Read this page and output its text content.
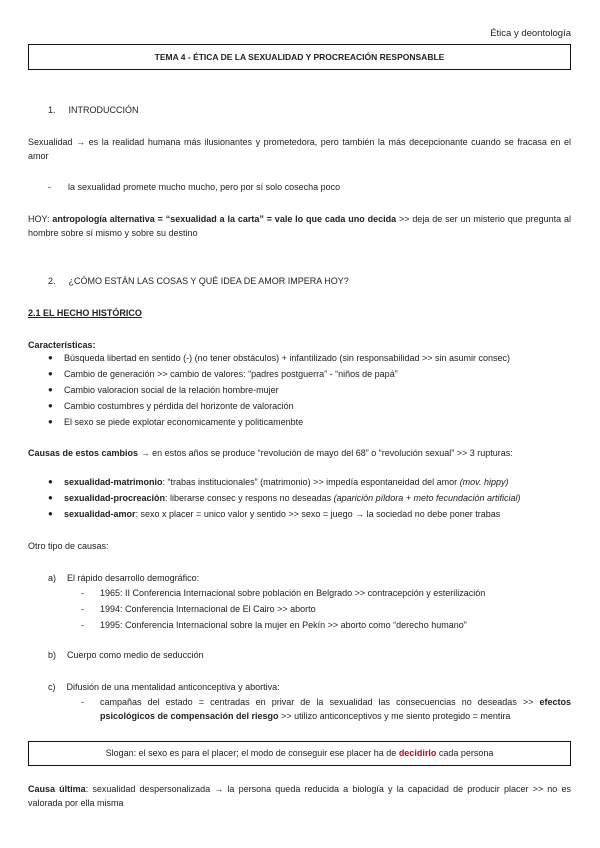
Ética y deontología
TEMA 4 - ÉTICA DE LA SEXUALIDAD Y PROCREACIÓN RESPONSABLE
1. INTRODUCCIÓN
Sexualidad → es la realidad humana más ilusionantes y prometedora, pero también la más decepcionante cuando se fracasa en el amor
- la sexualidad promete mucho mucho, pero por sí solo cosecha poco
HOY: antropología alternativa = “sexualidad a la carta” = vale lo que cada uno decida >> deja de ser un misterio que pregunta al hombre sobre sí mismo y sobre su destino
2. ¿CÓMO ESTÁN LAS COSAS Y QUÉ IDEA DE AMOR IMPERA HOY?
2.1 EL HECHO HISTÓRICO
Características:
● Búsqueda libertad en sentido (-) (no tener obstáculos) + infantilizado (sin responsabilidad >> sin asumir consec)
● Cambio de generación >> cambio de valores: “padres postguerra” - “niños de papá”
● Cambio valoracion social de la relación hombre-mujer
● Cambio costumbres y pérdida del horizonte de valoración
● El sexo se piede explotar economicamente y politicamenbte
Causas de estos cambios → en estos años se produce “revolución de mayo del 68” o “revolución sexual” >> 3 rupturas:
● sexualidad-matrimonio: “trabas institucionales” (matrimonio) >> impedía espontaneidad del amor (mov. hippy)
● sexualidad-procreación: liberarse consec y respons no deseadas (aparición píldora + meto fecundación artificial)
● sexualidad-amor: sexo x placer = unico valor y sentido >> sexo = juego → la sociedad no debe poner trabas
Otro tipo de causas:
a) El rápido desarrollo demográfico:
- 1965: II Conferencia Internacional sobre población en Belgrado >> contracepción y esterilización
- 1994: Conferencia Internacional de El Cairo >> aborto
- 1995: Conferencia Internacional sobre la mujer en Pekín >> aborto como “derecho humano”
b) Cuerpo como medio de seducción
c) Difusión de una mentalidad anticonceptiva y abortiva:
-	campañas del estado = centradas en privar de la sexualidad las consecuencias no deseadas >> efectos psicológicos de compensación del riesgo >> utilizo anticonceptivos y me siento protegido = mentira
Slogan: el sexo es para el placer; el modo de conseguir ese placer ha de decidirlo cada persona
Causa última: sexualidad despersonalizada → la persona queda reducida a biología y la capacidad de producir placer >> no es valorada por ella misma
